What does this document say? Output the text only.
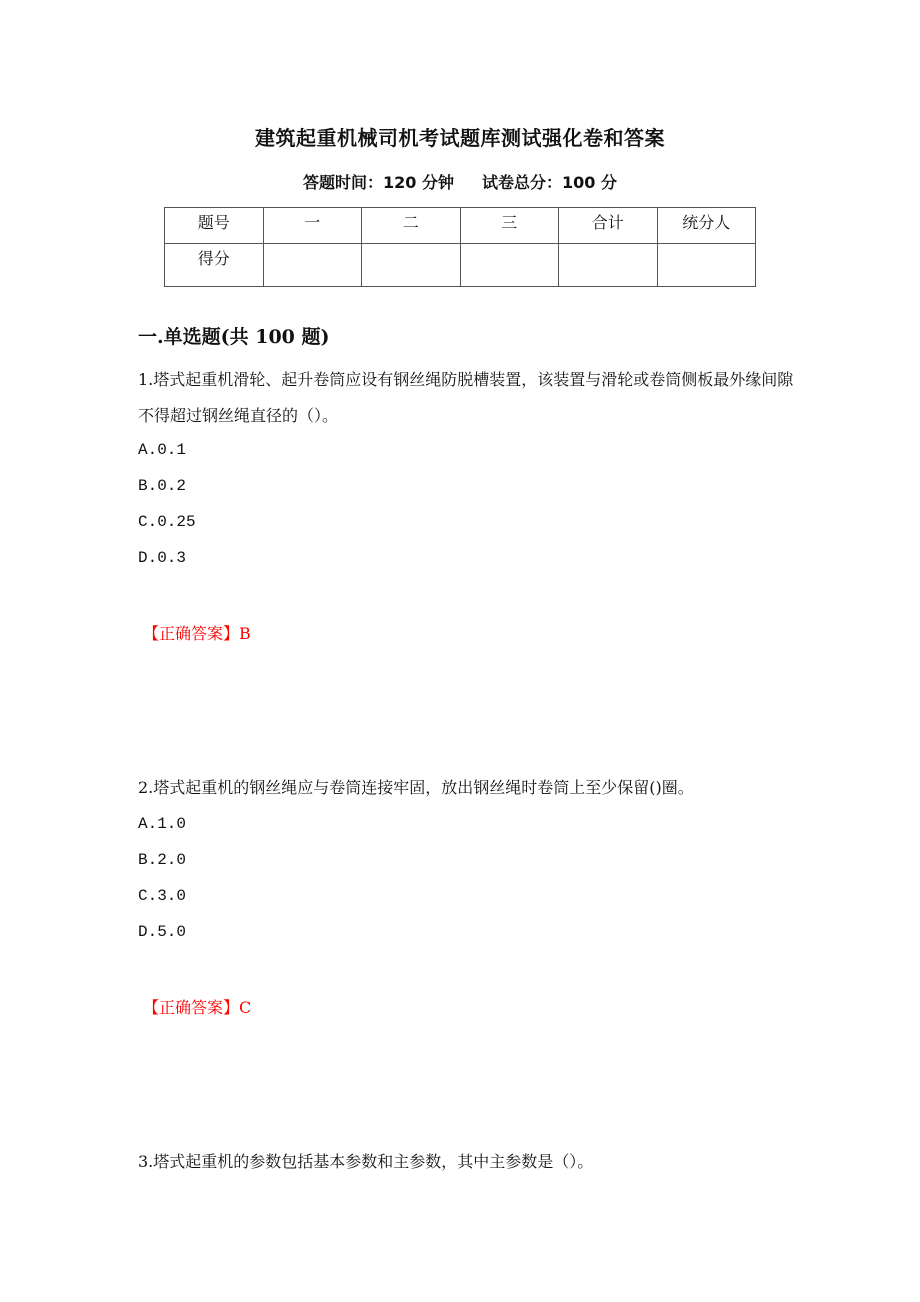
建筑起重机械司机考试题库测试强化卷和答案
答题时间：120 分钟 试卷总分：100 分
题号	一	二	三	合计	统分人
得分					
一.单选题(共 100 题)
1.塔式起重机滑轮、起升卷筒应设有钢丝绳防脱槽装置，该装置与滑轮或卷筒侧板最外缘间隙不得超过钢丝绳直径的（）。
A.0.1
B.0.2
C.0.25
D.0.3
【正确答案】B
2.塔式起重机的钢丝绳应与卷筒连接牢固，放出钢丝绳时卷筒上至少保留()圈。
A.1.0
B.2.0
C.3.0
D.5.0
【正确答案】C
3.塔式起重机的参数包括基本参数和主参数，其中主参数是（）。
